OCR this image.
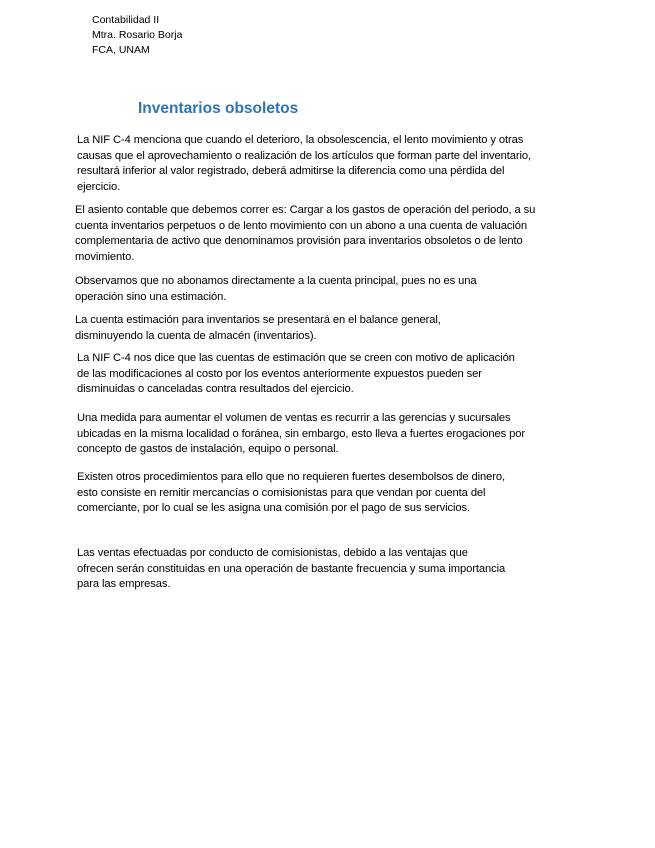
Contabilidad II
Mtra. Rosario Borja
FCA, UNAM
Inventarios obsoletos

La NIF C-4 menciona que cuando el deterioro, la obsolescencia, el lento movimiento y otras causas que el aprovechamiento o realización de los artículos que forman parte del inventario, resultará inferior al valor registrado, deberá admitirse la diferencia como una pérdida del ejercicio.

El asiento contable que debemos correr es: Cargar a los gastos de operación del periodo, a su cuenta inventarios perpetuos o de lento movimiento con un abono a una cuenta de valuación complementaria de activo que denominamos provisión para inventarios obsoletos o de lento movimiento.

Observamos que no abonamos directamente a la cuenta principal, pues no es una operación sino una estimación.

La cuenta estimación para inventarios se presentará en el balance general, disminuyendo la cuenta de almacén (inventarios).

La NIF C-4 nos dice que las cuentas de estimación que se creen con motivo de aplicación de las modificaciones al costo por los eventos anteriormente expuestos pueden ser disminuidas o canceladas contra resultados del ejercicio.

Una medida para aumentar el volumen de ventas es recurrir a las gerencias y sucursales ubicadas en la misma localidad o foránea, sin embargo, esto lleva a fuertes erogaciones por concepto de gastos de instalación, equipo o personal.

Existen otros procedimientos para ello que no requieren fuertes desembolsos de dinero, esto consiste en remitir mercancías o comisionistas para que vendan por cuenta del comerciante, por lo cual se les asigna una comisión por el pago de sus servicios.

Las ventas efectuadas por conducto de comisionistas, debido a las ventajas que ofrecen serán constituidas en una operación de bastante frecuencia y suma importancia para las empresas.
